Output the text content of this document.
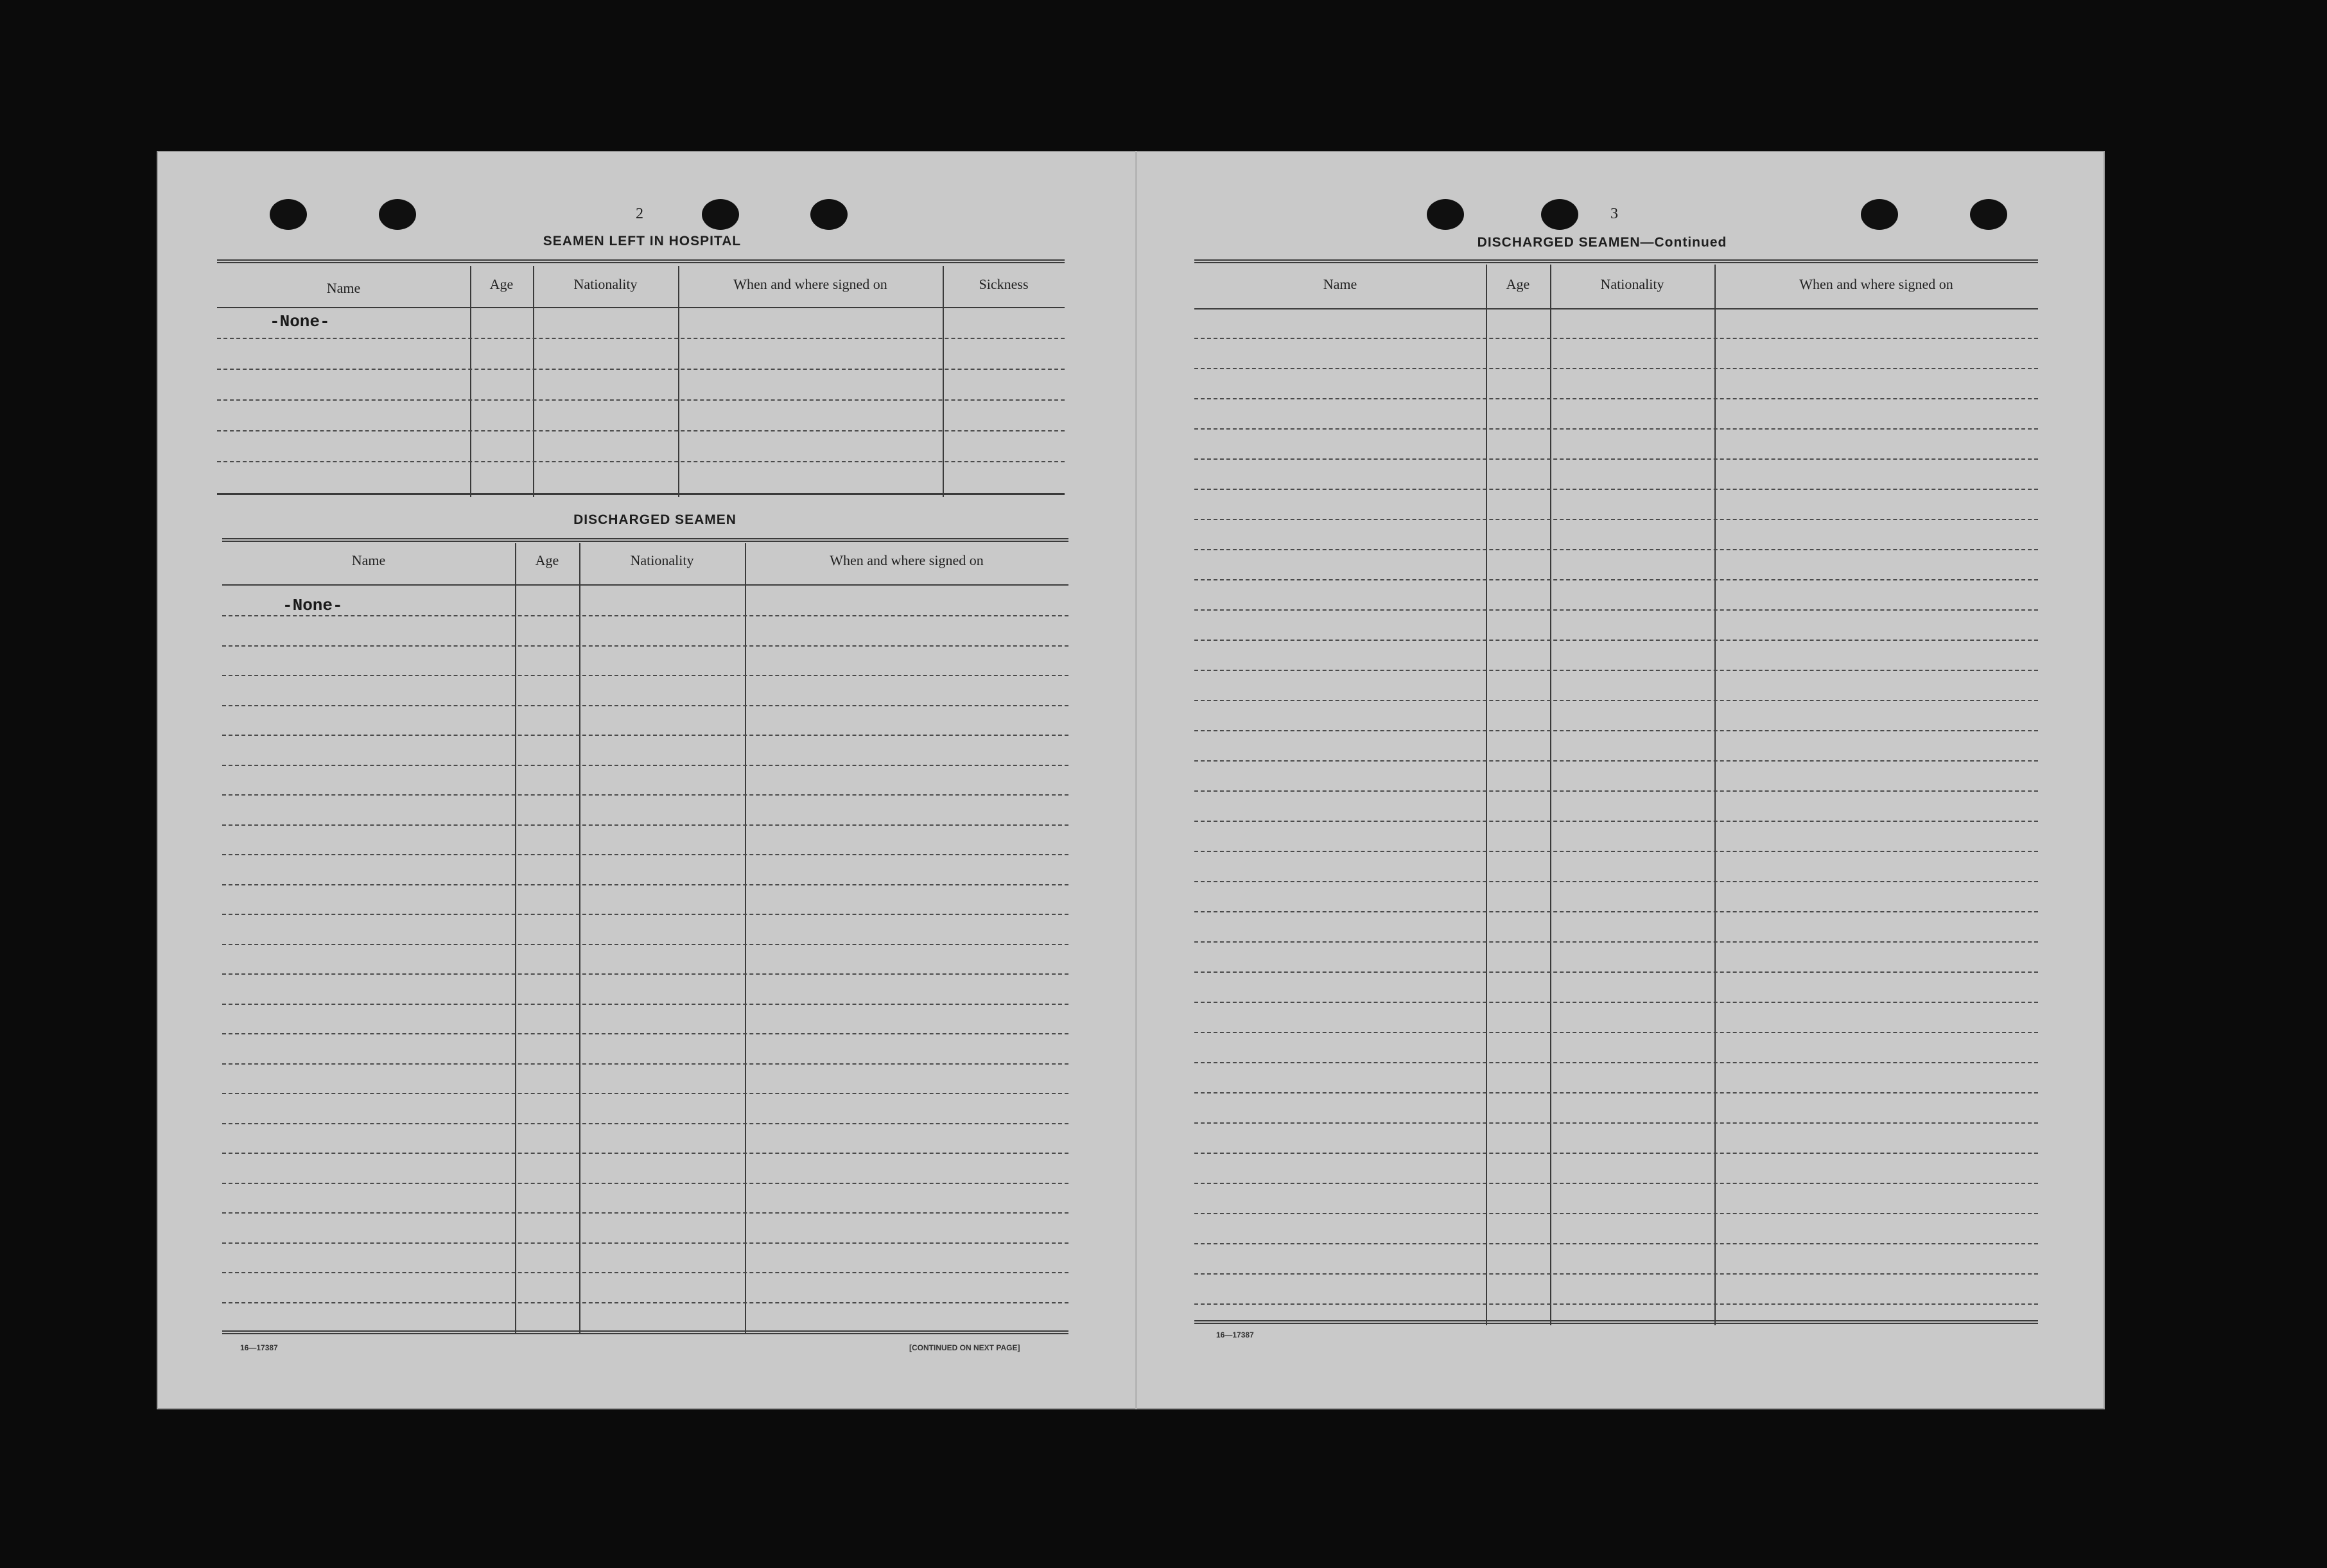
2
SEAMEN LEFT IN HOSPITAL
Name	Age	Nationality	When and where signed on	Sickness
-None-
DISCHARGED SEAMEN
Name	Age	Nationality	When and where signed on
-None-
16—17387	[CONTINUED ON NEXT PAGE]
3
DISCHARGED SEAMEN—Continued
Name	Age	Nationality	When and where signed on
16—17387
